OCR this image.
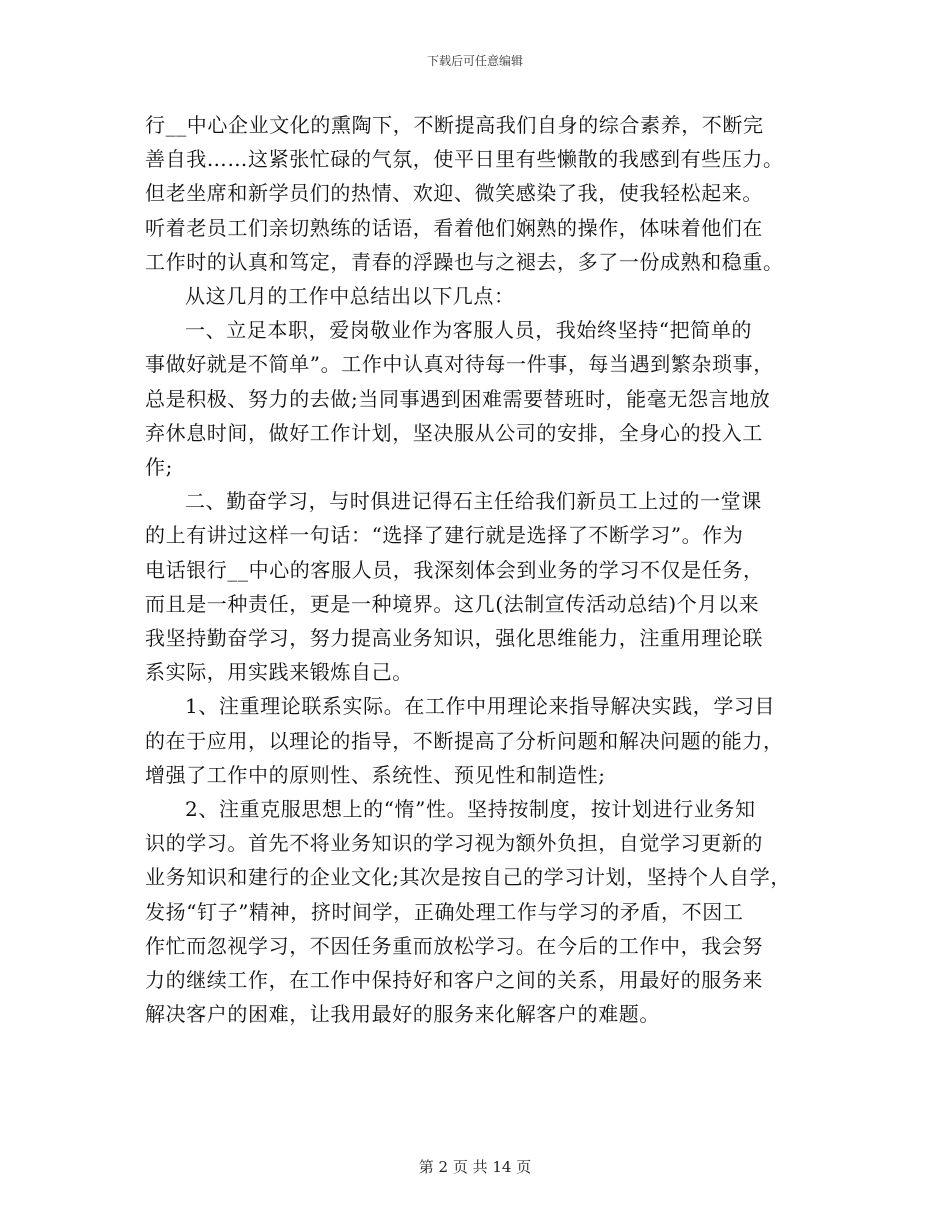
下载后可任意编辑

行__中心企业文化的熏陶下，不断提高我们自身的综合素养，不断完

善自我……这紧张忙碌的气氛，使平日里有些懒散的我感到有些压力。

但老坐席和新学员们的热情、欢迎、微笑感染了我，使我轻松起来。

听着老员工们亲切熟练的话语，看着他们娴熟的操作，体味着他们在

工作时的认真和笃定，青春的浮躁也与之褪去，多了一份成熟和稳重。

从这几月的工作中总结出以下几点：

一、立足本职，爱岗敬业作为客服人员，我始终坚持“把简单的

事做好就是不简单”。工作中认真对待每一件事，每当遇到繁杂琐事，

总是积极、努力的去做;当同事遇到困难需要替班时，能毫无怨言地放

弃休息时间，做好工作计划，坚决服从公司的安排，全身心的投入工

作;

二、勤奋学习，与时俱进记得石主任给我们新员工上过的一堂课

的上有讲过这样一句话：“选择了建行就是选择了不断学习”。作为

电话银行__中心的客服人员，我深刻体会到业务的学习不仅是任务，

而且是一种责任，更是一种境界。这几(法制宣传活动总结)个月以来

我坚持勤奋学习，努力提高业务知识，强化思维能力，注重用理论联

系实际，用实践来锻炼自己。

1、注重理论联系实际。在工作中用理论来指导解决实践，学习目

的在于应用，以理论的指导，不断提高了分析问题和解决问题的能力，

增强了工作中的原则性、系统性、预见性和制造性;

2、注重克服思想上的“惰”性。坚持按制度，按计划进行业务知

识的学习。首先不将业务知识的学习视为额外负担，自觉学习更新的

业务知识和建行的企业文化;其次是按自己的学习计划，坚持个人自学，

发扬“钉子”精神，挤时间学，正确处理工作与学习的矛盾，不因工

作忙而忽视学习，不因任务重而放松学习。在今后的工作中，我会努

力的继续工作，在工作中保持好和客户之间的关系，用最好的服务来

解决客户的困难，让我用最好的服务来化解客户的难题。

第 2 页 共 14 页
